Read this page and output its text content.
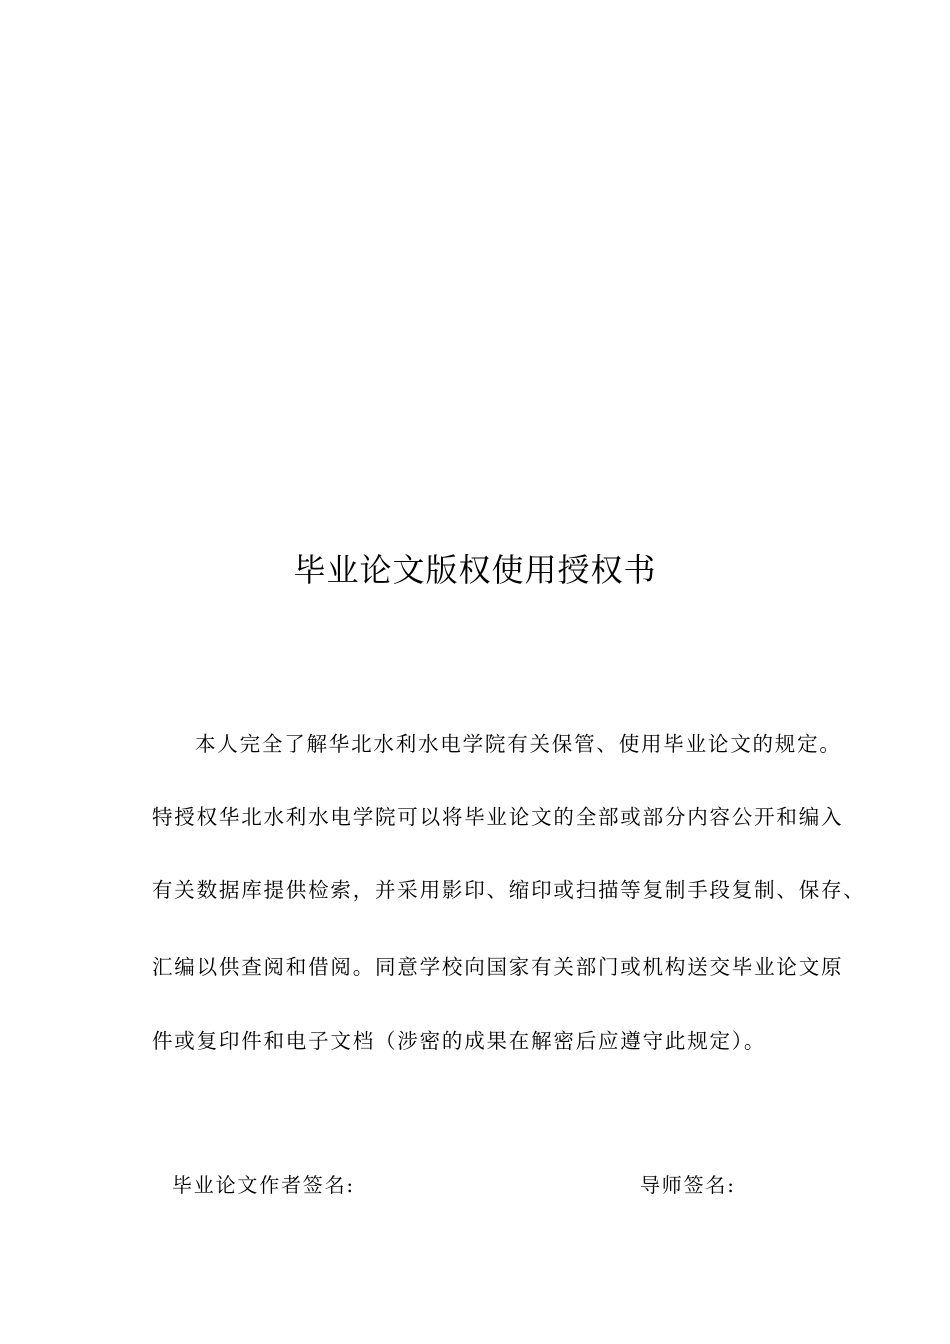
毕业论文版权使用授权书
本人完全了解华北水利水电学院有关保管、使用毕业论文的规定。
特授权华北水利水电学院可以将毕业论文的全部或部分内容公开和编入
有关数据库提供检索，并采用影印、缩印或扫描等复制手段复制、保存、
汇编以供查阅和借阅。同意学校向国家有关部门或机构送交毕业论文原
件或复印件和电子文档（涉密的成果在解密后应遵守此规定）。
毕业论文作者签名:	导师签名:
